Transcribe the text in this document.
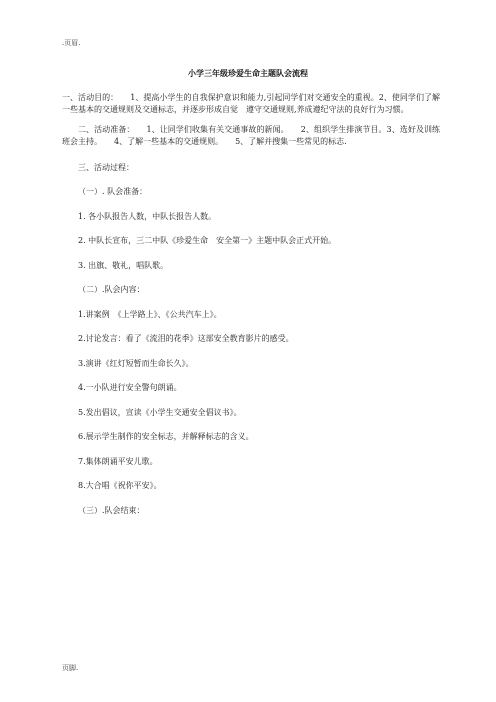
.页眉.
小学三年级珍爱生命主题队会流程

一、活动目的：　　1、提高小学生的自我保护意识和能力,引起同学们对交通安全的重视。2、使同学们了解一些基本的交通规则及交通标志，并逐步形成自觉　遵守交通规则,养成遵纪守法的良好行为习惯。

二、活动准备：　　1、让同学们收集有关交通事故的新闻。　　2、组织学生排演节目。3、选好及训练班会主持。　　4、了解一些基本的交通规则。　　5、了解并搜集一些常见的标志.

三、活动过程：

（一）. 队会准备：

1. 各小队报告人数，中队长报告人数。

2. 中队长宣布，三二中队《珍爱生命　安全第一》主题中队会正式开始。

3. 出旗、敬礼，唱队歌。

（二）.队会内容：

1.讲案例　《上学路上》、《公共汽车上》。

2.讨论发言：看了《流泪的花季》这部安全教育影片的感受。

3.演讲《红灯短暂而生命长久》。

4.一小队进行安全警句朗诵。

5.发出倡议，宣读《小学生交通安全倡议书》。

6.展示学生制作的安全标志，并解释标志的含义。

7.集体朗诵平安儿歌。

8.大合唱《祝你平安》。

（三）.队会结束：

页脚.
